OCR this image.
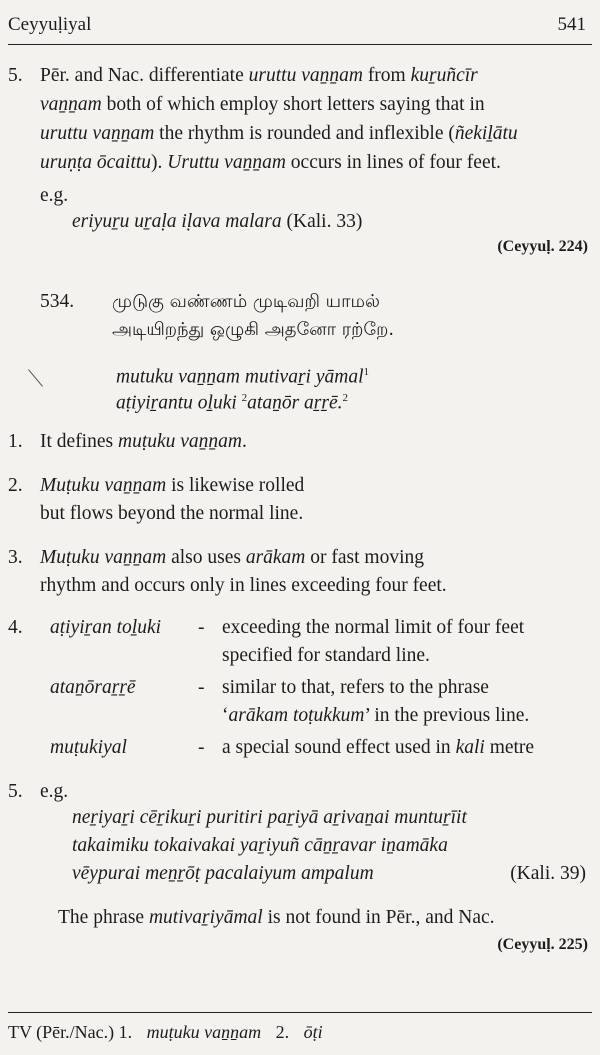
Ceyyuḷiyal	541
5. Pēr. and Nac. differentiate uruttu vaṉṉam from kuṟuñcīr
vaṉṉam both of which employ short letters saying that in
uruttu vaṉṉam the rhythm is rounded and inflexible (ñekiḻātu
uruṇṭa ōcaittu). Uruttu vaṉṉam occurs in lines of four feet.
e.g.
eriyuṟu uṟaḷa iḷava malara (Kali. 33)
(Ceyyuḷ. 224)
534. முடுகு வண்ணம் முடிவறி யாமல்
அடியிறந்து ஒழுகி அதனோ ரற்றே.
mutuku vaṉṉam mutivaṟi yāmal$^1$
aṭiyiṟantu oḻuki $^2$ataṉōr aṟṟē.$^2$
1. It defines muṭuku vaṉṉam.
2. Muṭuku vaṉṉam is likewise rolled
but flows beyond the normal line.
3. Muṭuku vaṉṉam also uses arākam or fast moving
rhythm and occurs only in lines exceeding four feet.
4. aṭiyiṟan toḻuki - exceeding the normal limit of four feet
specified for standard line.
ataṉōraṟṟē	- similar to that, refers to the phrase
‘arākam toṭukkum’ in the previous line.
muṭukiyal	- a special sound effect used in kali metre
5. e.g.
neṟiyaṟi cēṟikuṟi puritiri paṟiyā aṟivaṉai muntuṟīit
takaimiku tokaivakai yaṟiyuñ cāṉṟavar iṉamāka
vēypurai meṉṟōṭ pacalaiyum ampalum	(Kali. 39)
The phrase mutivaṟiyāmal is not found in Pēr., and Nac.
(Ceyyuḷ. 225)
TV (Pēr./Nac.) 1. muṭuku vaṉṉam 2. ōṭi
